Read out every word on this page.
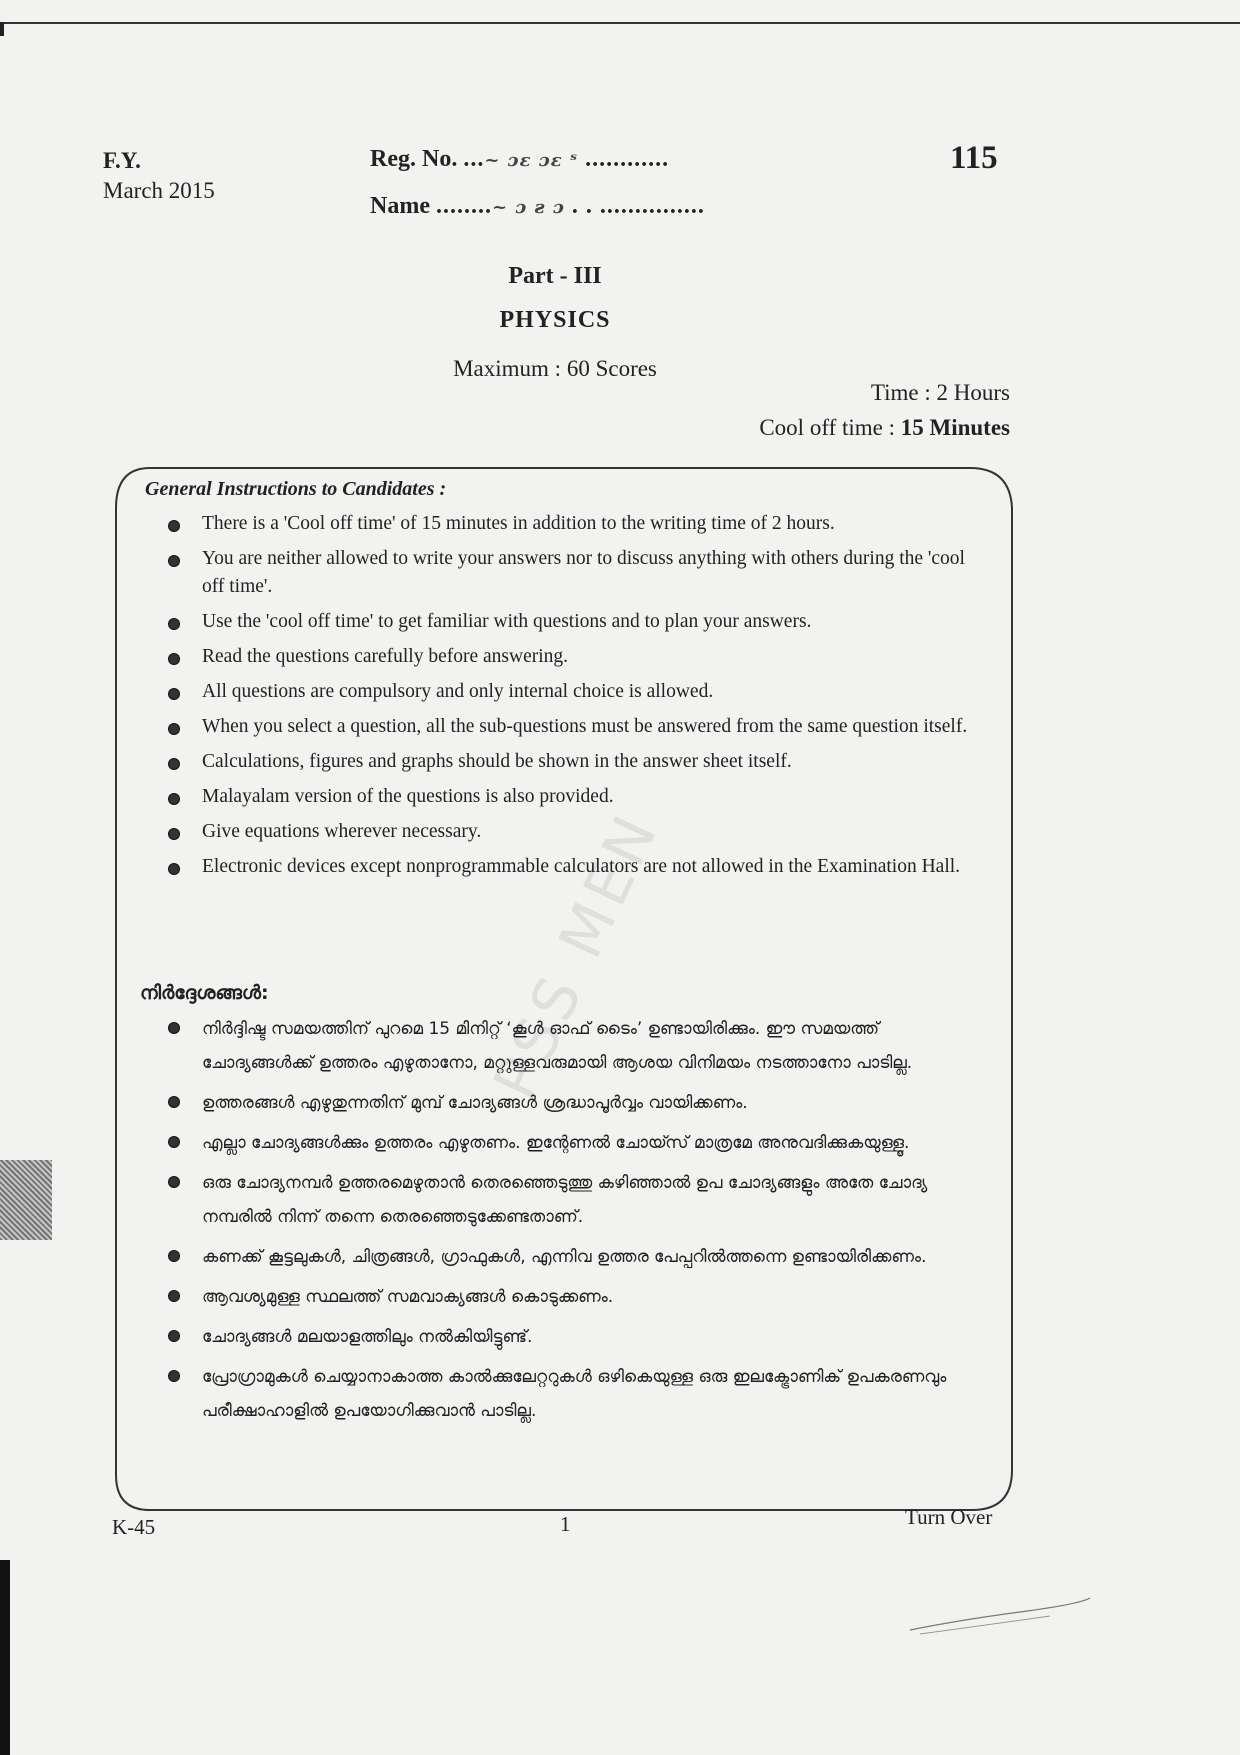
F.Y.
March 2015
Reg. No. ...~ ɔɛ ɔɛ ˢ ............
Name ........~ ɔ ƨ ɔ . . ...............
115
Part - III
PHYSICS
Maximum : 60 Scores
Time : 2 Hours
Cool off time : 15 Minutes
General Instructions to Candidates :
There is a 'Cool off time' of 15 minutes in addition to the writing time of 2 hours.
You are neither allowed to write your answers nor to discuss anything with others during the 'cool off time'.
Use the 'cool off time' to get familiar with questions and to plan your answers.
Read the questions carefully before answering.
All questions are compulsory and only internal choice is allowed.
When you select a question, all the sub-questions must be answered from the same question itself.
Calculations, figures and graphs should be shown in the answer sheet itself.
Malayalam version of the questions is also provided.
Give equations wherever necessary.
Electronic devices except nonprogrammable calculators are not allowed in the Examination Hall.
നിർദ്ദേശങ്ങൾ:
നിർദ്ദിഷ്ട സമയത്തിന് പുറമെ 15 മിനിറ്റ് ‘കൂൾ ഓഫ് ടൈം’ ഉണ്ടായിരിക്കും. ഈ സമയത്ത് ചോദ്യങ്ങൾക്ക് ഉത്തരം എഴുതാനോ, മറ്റുള്ളവരുമായി ആശയ വിനിമയം നടത്താനോ പാടില്ല.
ഉത്തരങ്ങൾ എഴുതുന്നതിന് മുമ്പ് ചോദ്യങ്ങൾ ശ്രദ്ധാപൂർവ്വം വായിക്കണം.
എല്ലാ ചോദ്യങ്ങൾക്കും ഉത്തരം എഴുതണം. ഇന്റേണൽ ചോയ്സ് മാത്രമേ അനുവദിക്കുകയുള്ളൂ.
ഒരു ചോദ്യനമ്പർ ഉത്തരമെഴുതാൻ തെരഞ്ഞെടുത്തു കഴിഞ്ഞാൽ ഉപ ചോദ്യങ്ങളും അതേ ചോദ്യ നമ്പരിൽ നിന്ന് തന്നെ തെരഞ്ഞെടുക്കേണ്ടതാണ്.
കണക്ക് കൂട്ടലുകൾ, ചിത്രങ്ങൾ, ഗ്രാഫുകൾ, എന്നിവ ഉത്തര പേപ്പറിൽത്തന്നെ ഉണ്ടായിരിക്കണം.
ആവശ്യമുള്ള സ്ഥലത്ത് സമവാക്യങ്ങൾ കൊടുക്കണം.
ചോദ്യങ്ങൾ മലയാളത്തിലും നൽകിയിട്ടുണ്ട്.
പ്രോഗ്രാമുകൾ ചെയ്യാനാകാത്ത കാൽക്കുലേറ്ററുകൾ ഒഴികെയുള്ള ഒരു ഇലക്ട്രോണിക് ഉപകരണവും പരീക്ഷാഹാളിൽ ഉപയോഗിക്കുവാൻ പാടില്ല.
PSS MEN
K-45	1	Turn Over
